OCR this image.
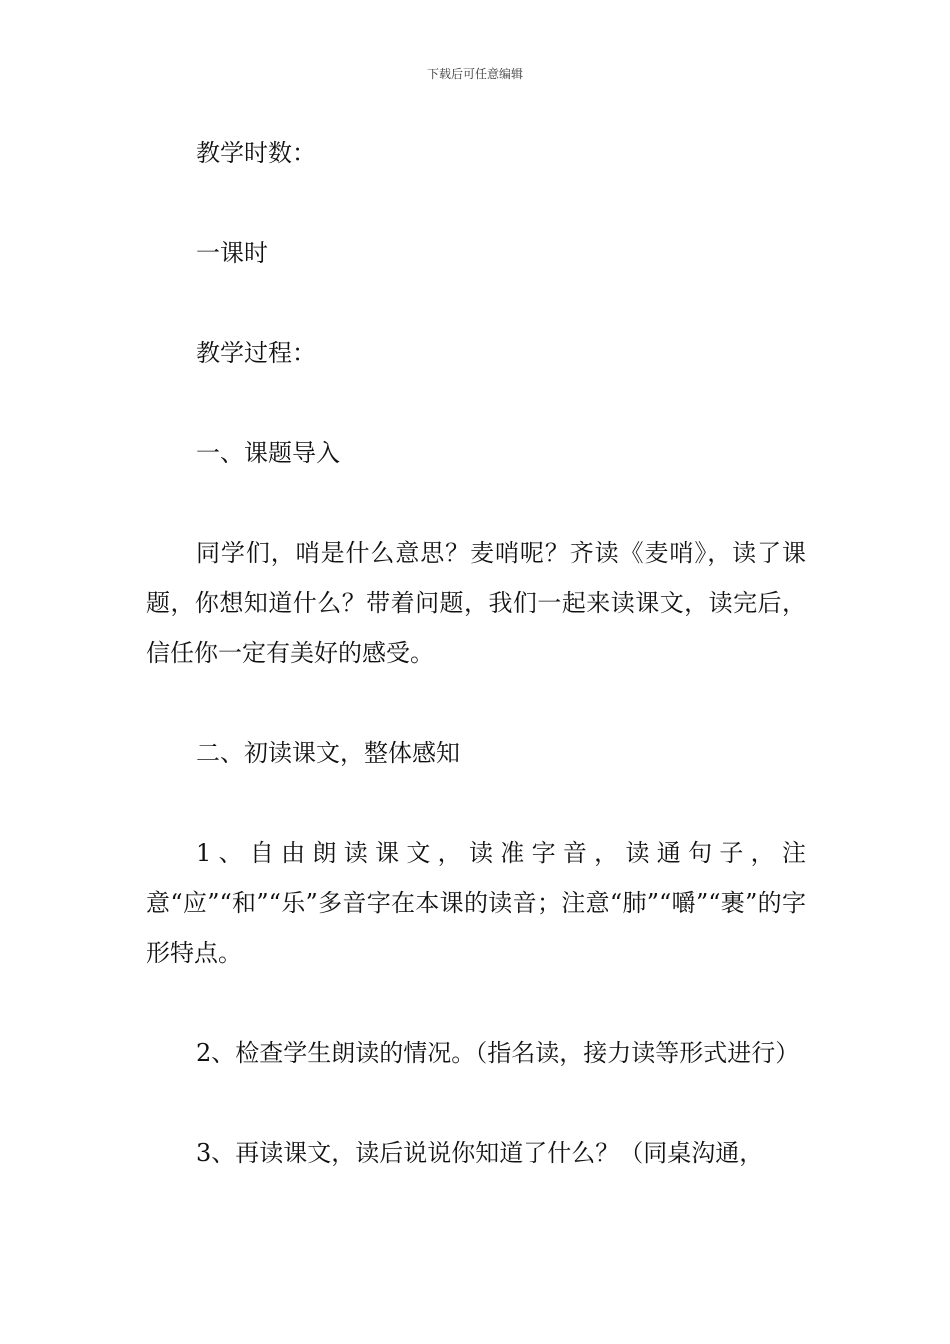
下载后可任意编辑

教学时数：

一课时

教学过程：

一、课题导入

同学们，哨是什么意思？麦哨呢？齐读《麦哨》，读了课题，你想知道什么？带着问题，我们一起来读课文，读完后，信任你一定有美好的感受。

二、初读课文，整体感知

1、自由朗读课文，读准字音，读通句子，注意“应”“和”“乐”多音字在本课的读音；注意“肺”“嚼”“裹”的字形特点。

2、检查学生朗读的情况。（指名读，接力读等形式进行）

3、再读课文，读后说说你知道了什么？（同桌沟通，
